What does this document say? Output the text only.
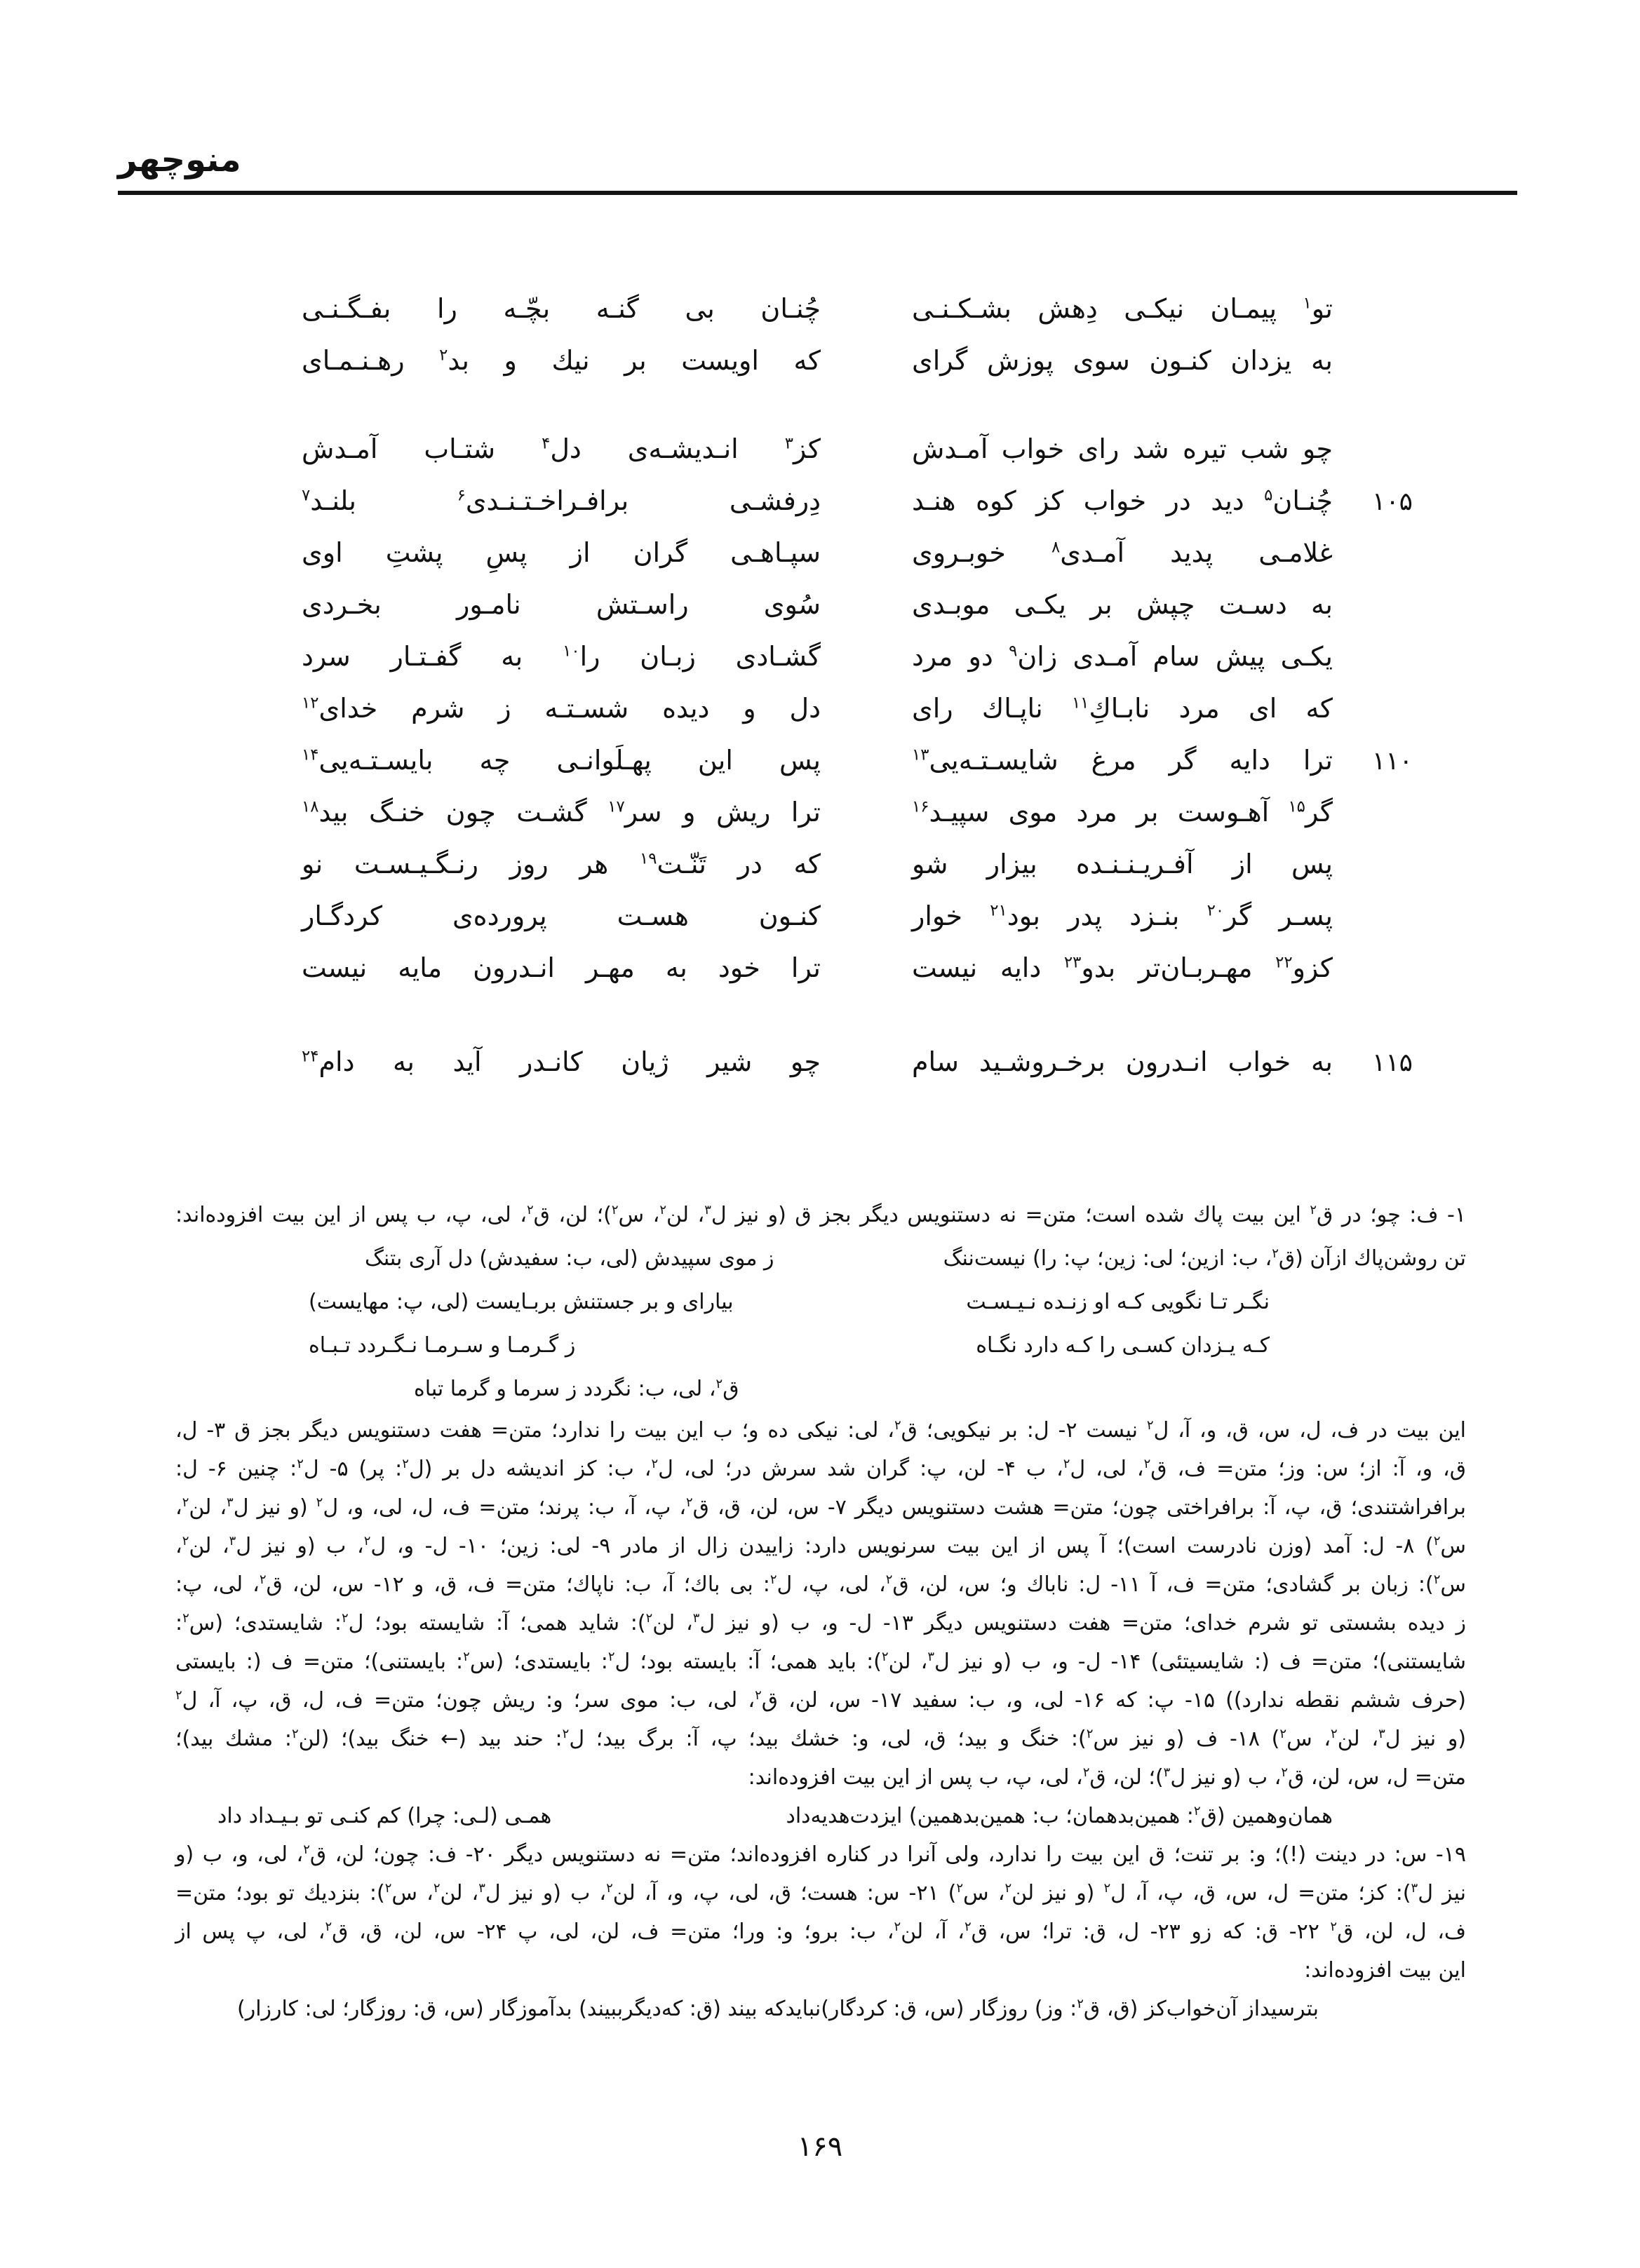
منوچهر
تو$^۱$ پیمـان نیکـی دِهش بشـکـنـی
چُنـان بی گنـه بچّـه را بفـگـنـی
به یزدان کنـون سوی پوزش گرای
که اویست بر نیك و بد$^۲$ رهـنـمـای
چو شب تیره شد رای خواب آمـدش
کز$^۳$ انـدیشـه‌ی دل$^۴$ شتـاب آمـدش
۱۰۵
چُنـان$^۵$ دید در خواب کز کوه هنـد
دِرفشـی برافـراخـتـنـدی$^۶$ بلنـد$^۷$
غلامـی پدید آمـدی$^۸$ خوبـروی
سپـاهـی گران از پسِ پشتِ اوی
به دسـت چپش بر یکـی موبـدی
سُوی راسـتش نامـور بخـردی
یکـی پیش سام آمـدی زان$^۹$ دو مرد
گشـادی زبـان را$^{۱۰}$ به گفـتـار سرد
که ای مرد نابـاكِ$^{۱۱}$ ناپـاك رای
دل و دیده شسـتـه ز شرم خدای$^{۱۲}$
۱۱۰
ترا دایه گر مرغ شایسـتـه‌یی$^{۱۳}$
پس این پهـلَوانـی چه بایسـتـه‌یی$^{۱۴}$
گر$^{۱۵}$ آهـوست بر مرد موی سپیـد$^{۱۶}$
ترا ریش و سر$^{۱۷}$ گشـت چون خنـگ بید$^{۱۸}$
پس از آفـریـنـنـده بیزار شو
که در تَنّـت$^{۱۹}$ هر روز رنـگـیـسـت نو
پسـر گر$^{۲۰}$ بنـزد پدر بود$^{۲۱}$ خوار
کنـون هسـت پرورده‌ی کردگـار
کزو$^{۲۲}$ مهـربـان‌تر بدو$^{۲۳}$ دایه نیست
ترا خود به مهـر انـدرون مایه نیست
۱۱۵
به خواب انـدرون برخـروشـید سام
چو شیر ژیان کانـدر آید به دام$^{۲۴}$
۱- ف: چو؛ در ق$^۲$ این بیت پاك شده است؛ متن= نه دستنویس دیگر بجز ق (و نیز ل$^۳$، لن$^۲$، س$^۲$)؛ لن، ق$^۲$، لی، پ، ب پس از این بیت افزوده‌اند:
تن روشن‌پاك ازآن (ق$^۲$، ب: ازین؛ لی: زین؛ پ: را) نیست‌ننگ
ز موی سپیدش (لی، ب: سفیدش) دل آری بتنگ
نگـر تـا نگویی کـه او زنـده نـیـسـت
بیارای و بر جستنش بربـایست (لی، پ: مهایست)
کـه یـزدان کسـی را کـه دارد نگـاه
ز گـرمـا و سـرمـا نـگـردد تـبـاه
ق$^۲$، لی، ب: نگردد ز سرما و گرما تباه
این بیت در ف، ل، س، ق، و، آ، ل$^۲$ نیست ۲- ل: بر نیکویی؛ ق$^۲$، لی: نیکی ده و؛ ب این بیت را ندارد؛ متن= هفت دستنویس دیگر بجز ق ۳- ل،
ق، و، آ: از؛ س: وز؛ متن= ف، ق$^۲$، لی، ل$^۲$، ب ۴- لن، پ: گران شد سرش در؛ لی، ل$^۲$، ب: کز اندیشه دل بر (ل$^۲$: پر) ۵- ل$^۲$: چنین ۶- ل:
برافراشتندی؛ ق، پ، آ: برافراختی چون؛ متن= هشت دستنویس دیگر ۷- س، لن، ق، ق$^۲$، پ، آ، ب: پرند؛ متن= ف، ل، لی، و، ل$^۲$ (و نیز ل$^۳$، لن$^۲$،
س$^۲$) ۸- ل: آمد (وزن نادرست است)؛ آ پس از این بیت سرنویس دارد: زاییدن زال از مادر ۹- لی: زین؛ ۱۰- ل- و، ل$^۲$، ب (و نیز ل$^۳$، لن$^۲$،
س$^۲$): زبان بر گشادی؛ متن= ف، آ ۱۱- ل: ناباك و؛ س، لن، ق$^۲$، لی، پ، ل$^۲$: بی باك؛ آ، ب: ناپاك؛ متن= ف، ق، و ۱۲- س، لن، ق$^۲$، لی، پ:
ز دیده بشستی تو شرم خدای؛ متن= هفت دستنویس دیگر ۱۳- ل- و، ب (و نیز ل$^۳$، لن$^۲$): شاید همی؛ آ: شایسته بود؛ ل$^۲$: شایستدی؛ (س$^۲$:
شایستنی)؛ متن= ف (: شایسیتئی) ۱۴- ل- و، ب (و نیز ل$^۳$، لن$^۲$): باید همی؛ آ: بایسته بود؛ ل$^۲$: بایستدی؛ (س$^۲$: بایستنی)؛ متن= ف (: بایستی
(حرف ششم نقطه ندارد)) ۱۵- پ: که ۱۶- لی، و، ب: سفید ۱۷- س، لن، ق$^۲$، لی، ب: موی سر؛ و: ریش چون؛ متن= ف، ل، ق، پ، آ، ل$^۲$
(و نیز ل$^۳$، لن$^۲$، س$^۲$) ۱۸- ف (و نیز س$^۲$): خنگ و بید؛ ق، لی، و: خشك بید؛ پ، آ: برگ بید؛ ل$^۲$: حند بید (← خنگ بید)؛ (لن$^۲$: مشك بید)؛
متن= ل، س، لن، ق$^۲$، ب (و نیز ل$^۳$)؛ لن، ق$^۲$، لی، پ، ب پس از این بیت افزوده‌اند:
همان‌وهمین (ق$^۲$: همین‌بدهمان؛ ب: همین‌بدهمین) ایزدت‌هدیه‌داد
همـی (لـی: چرا) کم کنـی تو بـیـداد داد
۱۹- س: در دینت (!)؛ و: بر تنت؛ ق این بیت را ندارد، ولی آنرا در کناره افزوده‌اند؛ متن= نه دستنویس دیگر ۲۰- ف: چون؛ لن، ق$^۲$، لی، و، ب (و
نیز ل$^۳$): کز؛ متن= ل، س، ق، پ، آ، ل$^۲$ (و نیز لن$^۲$، س$^۲$) ۲۱- س: هست؛ ق، لی، پ، و، آ، لن$^۲$، ب (و نیز ل$^۳$، لن$^۲$، س$^۲$): بنزدیك تو بود؛ متن=
ف، ل، لن، ق$^۲$ ۲۲- ق: که زو ۲۳- ل، ق: ترا؛ س، ق$^۲$، آ، لن$^۲$، ب: برو؛ و: ورا؛ متن= ف، لن، لی، پ ۲۴- س، لن، ق، ق$^۲$، لی، پ پس از
این بیت افزوده‌اند:
بترسیداز آن‌خواب‌کز (ق، ق$^۲$: وز) روزگار (س، ق: کردگار)
نبایدکه بیند (ق: که‌دیگرببیند) بدآموزگار (س، ق: روزگار؛ لی: کارزار)
۱۶۹
